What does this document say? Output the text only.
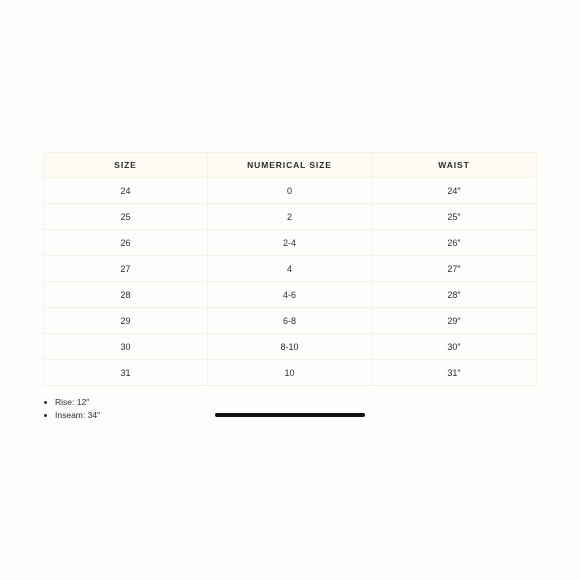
SIZE	NUMERICAL SIZE	WAIST
24	0	24″
25	2	25″
26	2-4	26″
27	4	27″
28	4-6	28″
29	6-8	29″
30	8-10	30″
31	10	31″
Rise: 12″
Inseam: 34″
